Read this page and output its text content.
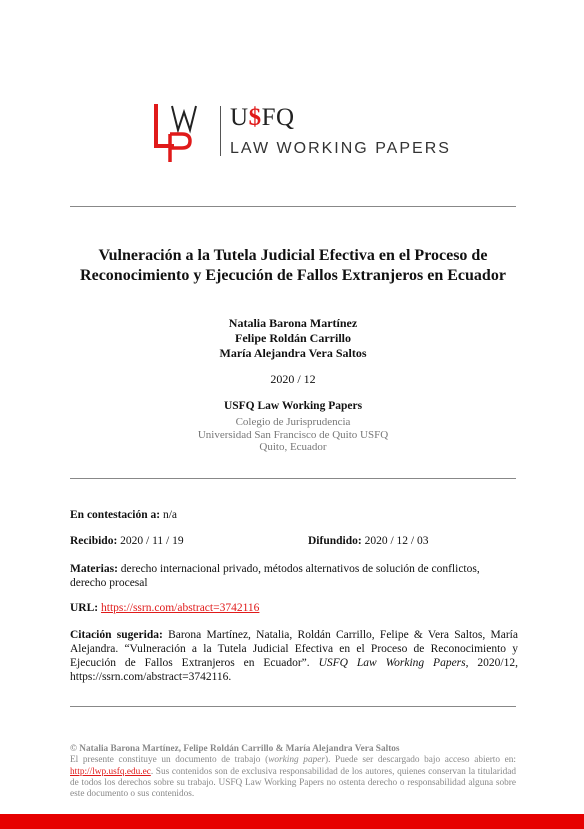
U$FQ
LAW WORKING PAPERS
Vulneración a la Tutela Judicial Efectiva en el Proceso de Reconocimiento y Ejecución de Fallos Extranjeros en Ecuador
Natalia Barona Martínez
Felipe Roldán Carrillo
María Alejandra Vera Saltos
2020 / 12
USFQ Law Working Papers
Colegio de Jurisprudencia
Universidad San Francisco de Quito USFQ
Quito, Ecuador
En contestación a: n/a
Recibido: 2020 / 11 / 19	Difundido: 2020 / 12 / 03
Materias: derecho internacional privado, métodos alternativos de solución de conflictos, derecho procesal
URL: https://ssrn.com/abstract=3742116
Citación sugerida: Barona Martínez, Natalia, Roldán Carrillo, Felipe & Vera Saltos, María Alejandra. “Vulneración a la Tutela Judicial Efectiva en el Proceso de Reconocimiento y Ejecución de Fallos Extranjeros en Ecuador”. USFQ Law Working Papers, 2020/12, https://ssrn.com/abstract=3742116.
© Natalia Barona Martínez, Felipe Roldán Carrillo & María Alejandra Vera Saltos
El presente constituye un documento de trabajo (working paper). Puede ser descargado bajo acceso abierto en: http://lwp.usfq.edu.ec. Sus contenidos son de exclusiva responsabilidad de los autores, quienes conservan la titularidad de todos los derechos sobre su trabajo. USFQ Law Working Papers no ostenta derecho o responsabilidad alguna sobre este documento o sus contenidos.
